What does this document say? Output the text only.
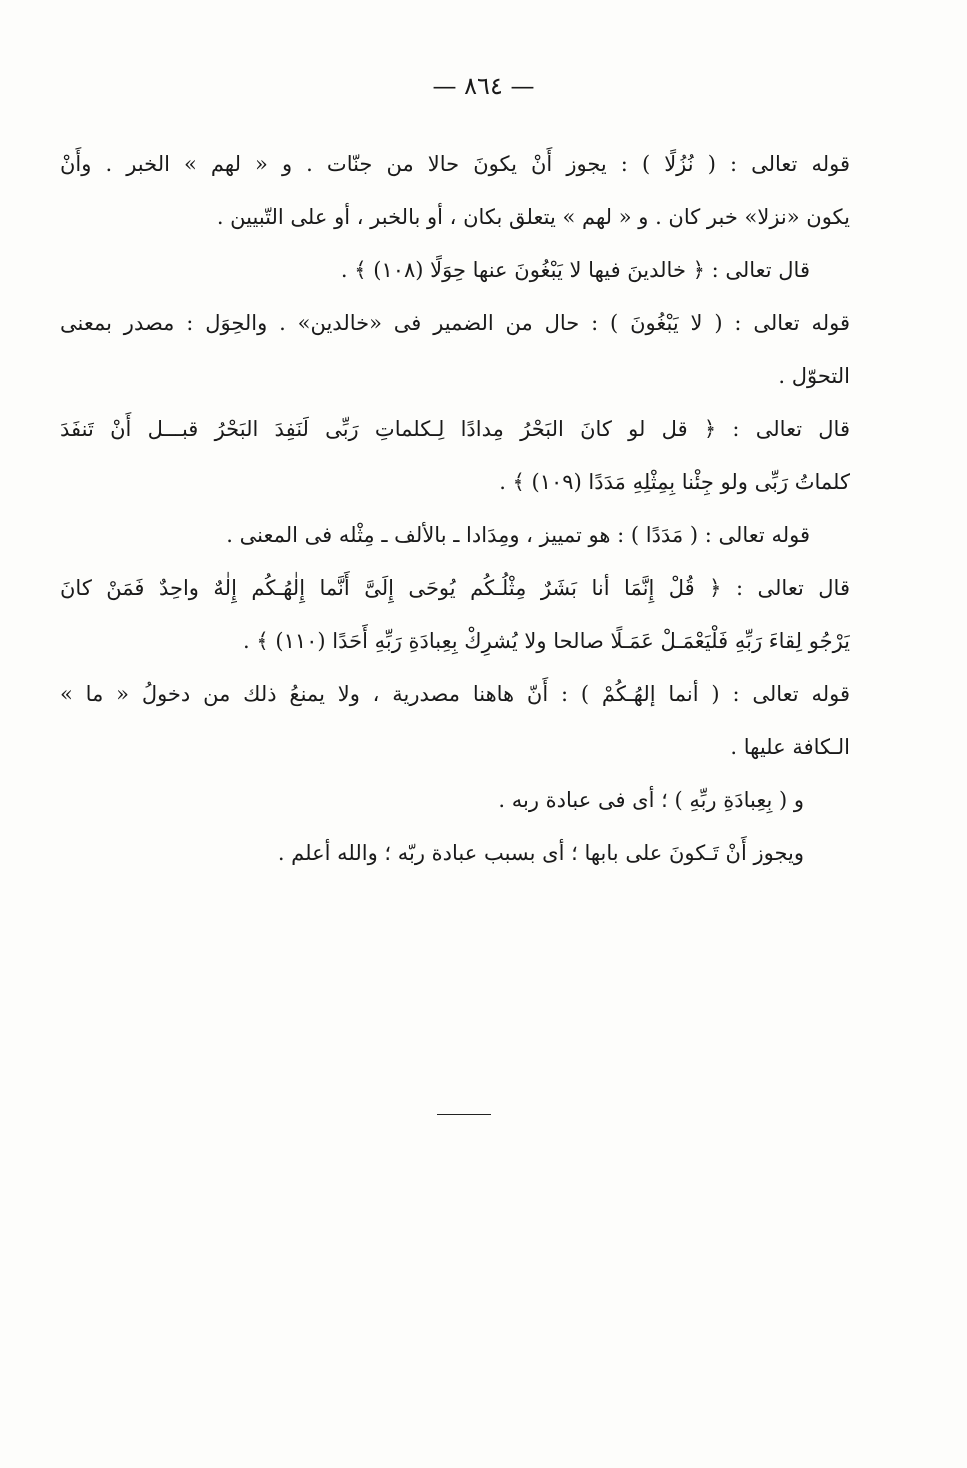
— ٨٦٤ —
قوله تعالى : ( نُزُلًا ) : يجوز أَنْ يكونَ حالا من جنّات . و « لهم » الخبر . وأَنْ
يكون «نزلا» خبر كان . و « لهم » يتعلق بكان ، أو بالخبر ، أو على التّبيين .
قال تعالى : ﴿ خالدينَ فيها لا يَبْغُونَ عنها حِوَلًا (١٠٨) ﴾ .
قوله تعالى : ( لا يَبْغُونَ ) : حال من الضمير فى «خالدين» . والحِوَل : مصدر بمعنى
التحوّل .
قال تعالى : ﴿ قل لو كانَ البَحْرُ مِدادًا لِـكلماتِ رَبِّى لَنَفِدَ البَحْرُ قبـــل أَنْ تَنفَدَ
كلماتُ رَبِّى ولو جِئْنا بِمِثْلِهِ مَدَدًا (١٠٩) ﴾ .
قوله تعالى : ( مَدَدًا ) : هو تمييز ، ومِدَادا ـ بالألف ـ مِثْله فى المعنى .
قال تعالى : ﴿ قُلْ إِنَّمَا أنا بَشَرٌ مِثْلُـكُم يُوحَى إِلَىَّ أَنَّما إِلٰهُـكُم إِلٰهٌ واحِدٌ فَمَنْ كانَ
يَرْجُو لِقاءَ رَبِّهِ فَلْيَعْمَـلْ عَمَـلًا صالحا ولا يُشرِكْ بِعِبادَةِ رَبِّهِ أَحَدًا (١١٠) ﴾ .
قوله تعالى : ( أنما إلهُـكُمْ ) : أَنّ هاهنا مصدرية ، ولا يمنعُ ذلك من دخولُ « ما »
الـكافة عليها .
و ( بِعِبادَةِ ربِّهِ ) ؛ أى فى عبادة ربه .
ويجوز أَنْ تَـكونَ على بابها ؛ أى بسبب عبادة ربّه ؛ والله أعلم .
